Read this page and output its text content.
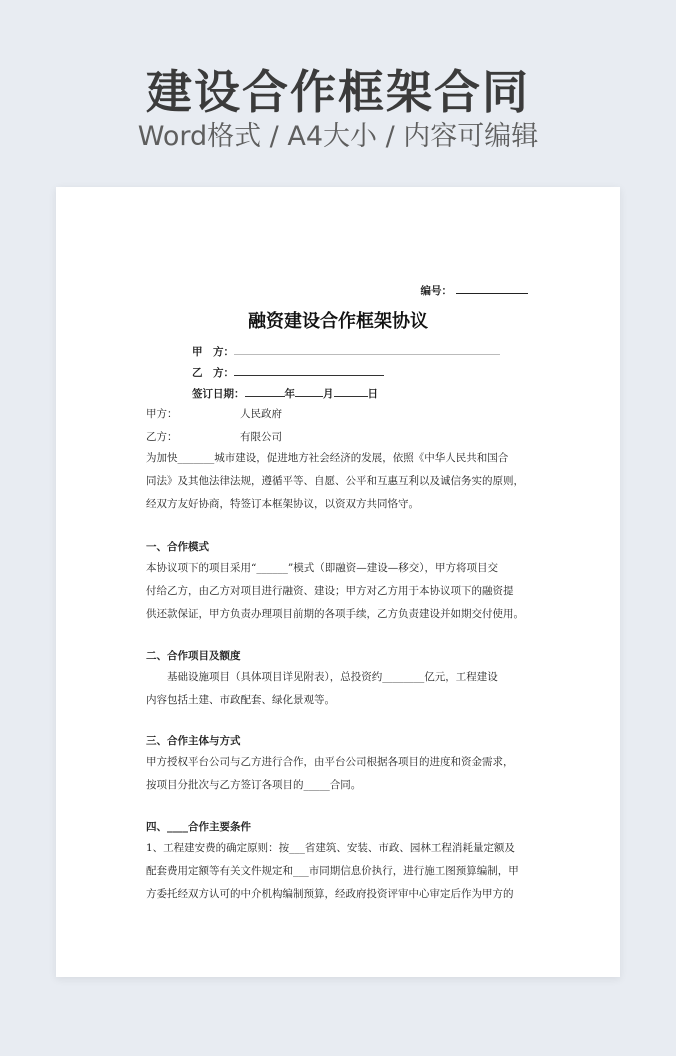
建设合作框架合同
Word格式 / A4大小 / 内容可编辑
编号：
融资建设合作框架协议
甲　方：
乙　方：
签订日期：	年	月	日
甲方：	人民政府
乙方：	有限公司
为加快_______城市建设，促进地方社会经济的发展，依照《中华人民共和国合
同法》及其他法律法规，遵循平等、自愿、公平和互惠互利以及诚信务实的原则，
经双方友好协商，特签订本框架协议，以资双方共同恪守。
一、合作模式
本协议项下的项目采用“______”模式（即融资—建设—移交），甲方将项目交
付给乙方，由乙方对项目进行融资、建设；甲方对乙方用于本协议项下的融资提
供还款保证，甲方负责办理项目前期的各项手续，乙方负责建设并如期交付使用。
二、合作项目及额度
　　基础设施项目（具体项目详见附表），总投资约________亿元，工程建设
内容包括土建、市政配套、绿化景观等。
三、合作主体与方式
甲方授权平台公司与乙方进行合作，由平台公司根据各项目的进度和资金需求，
按项目分批次与乙方签订各项目的_____合同。
四、____合作主要条件
1、工程建安费的确定原则：按___省建筑、安装、市政、园林工程消耗量定额及
配套费用定额等有关文件规定和___市同期信息价执行，进行施工图预算编制，甲
方委托经双方认可的中介机构编制预算，经政府投资评审中心审定后作为甲方的
